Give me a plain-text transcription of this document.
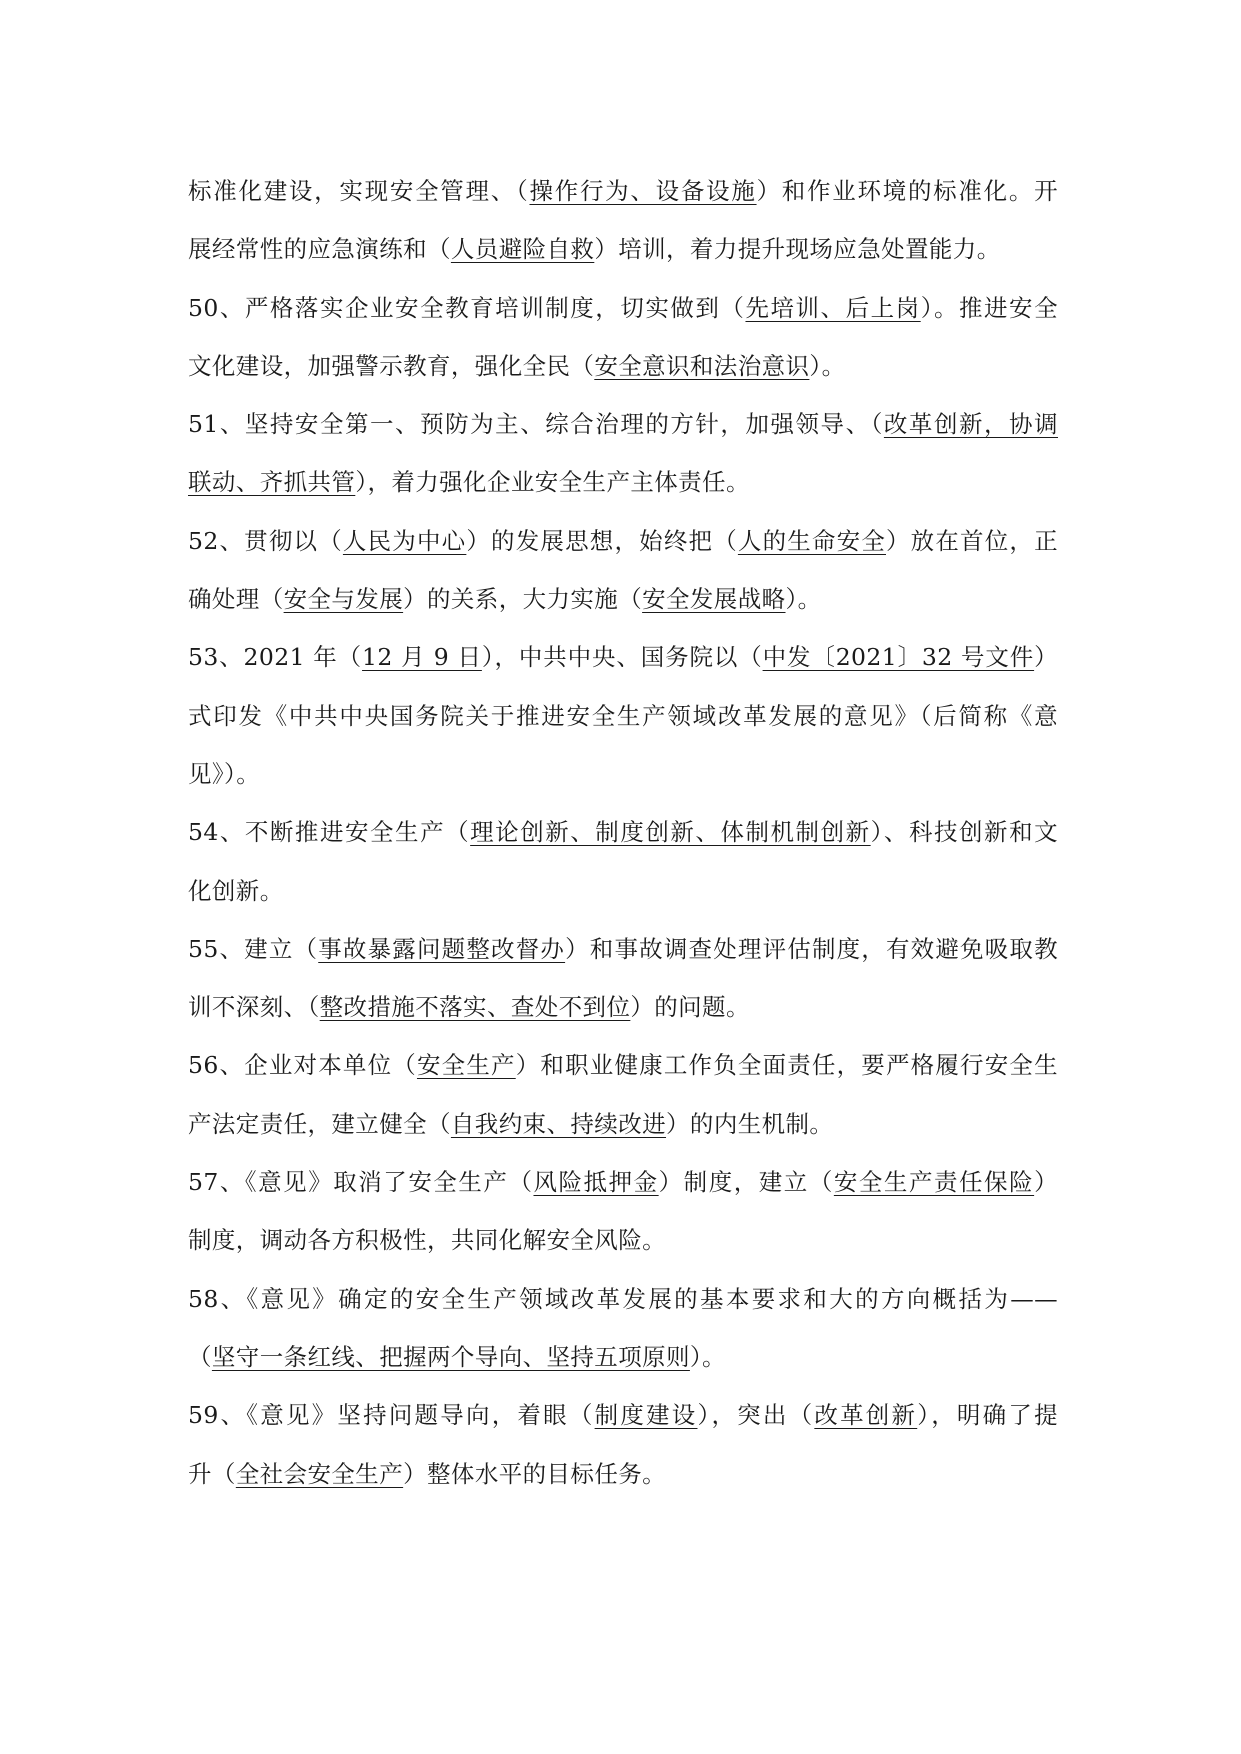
标准化建设，实现安全管理、（操作行为、设备设施）和作业环境的标准化。开
展经常性的应急演练和（人员避险自救）培训，着力提升现场应急处置能力。
50、严格落实企业安全教育培训制度，切实做到（先培训、后上岗）。推进安全
文化建设，加强警示教育，强化全民（安全意识和法治意识）。
51、坚持安全第一、预防为主、综合治理的方针，加强领导、（改革创新，协调
联动、齐抓共管），着力强化企业安全生产主体责任。
52、贯彻以（人民为中心）的发展思想，始终把（人的生命安全）放在首位，正
确处理（安全与发展）的关系，大力实施（安全发展战略）。
53、2021 年（12 月 9 日），中共中央、国务院以（中发〔2021〕32 号文件）
式印发《中共中央国务院关于推进安全生产领域改革发展的意见》（后简称《意
见》）。
54、不断推进安全生产（理论创新、制度创新、体制机制创新）、科技创新和文
化创新。
55、建立（事故暴露问题整改督办）和事故调查处理评估制度，有效避免吸取教
训不深刻、（整改措施不落实、查处不到位）的问题。
56、企业对本单位（安全生产）和职业健康工作负全面责任，要严格履行安全生
产法定责任，建立健全（自我约束、持续改进）的内生机制。
57、《意见》取消了安全生产（风险抵押金）制度，建立（安全生产责任保险）
制度，调动各方积极性，共同化解安全风险。
58、《意见》确定的安全生产领域改革发展的基本要求和大的方向概括为——
（坚守一条红线、把握两个导向、坚持五项原则）。
59、《意见》坚持问题导向，着眼（制度建设），突出（改革创新），明确了提
升（全社会安全生产）整体水平的目标任务。
